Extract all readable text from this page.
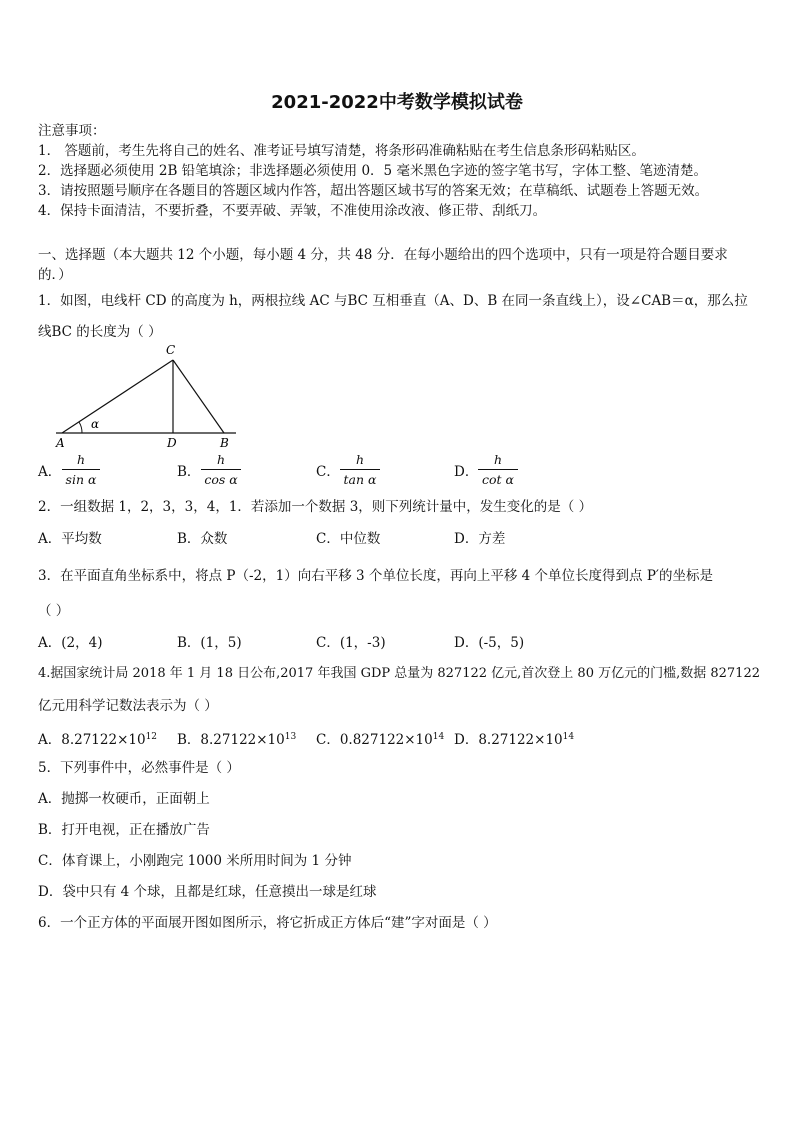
2021-2022中考数学模拟试卷
注意事项：
1． 答题前，考生先将自己的姓名、准考证号填写清楚，将条形码准确粘贴在考生信息条形码粘贴区。
2．选择题必须使用 2B 铅笔填涂；非选择题必须使用 0．5 毫米黑色字迹的签字笔书写，字体工整、笔迹清楚。
3．请按照题号顺序在各题目的答题区域内作答，超出答题区域书写的答案无效；在草稿纸、试题卷上答题无效。
4．保持卡面清洁，不要折叠，不要弄破、弄皱，不准使用涂改液、修正带、刮纸刀。
一、选择题（本大题共 12 个小题，每小题 4 分，共 48 分．在每小题给出的四个选项中，只有一项是符合题目要求
的．）
1．如图，电线杆 CD 的高度为 h，两根拉线 AC 与BC 互相垂直（A、D、B 在同一条直线上），设∠CAB＝α，那么拉
线BC 的长度为（ ）
C
A	D	B
α
A．
h
sin α	B．
h
cos α	C．
h
tan α	D．
h
cot α
2．一组数据 1，2，3，3，4，1．若添加一个数据 3，则下列统计量中，发生变化的是（ ）
A．平均数	B．众数	C．中位数	D．方差
3．在平面直角坐标系中，将点 P（-2，1）向右平移 3 个单位长度，再向上平移 4 个单位长度得到点 P′的坐标是
（ ）
A．(2，4)	B．(1，5)	C．(1，-3)	D．(-5，5)
4.据国家统计局 2018 年 1 月 18 日公布,2017 年我国 GDP 总量为 827122 亿元,首次登上 80 万亿元的门槛,数据 827122
亿元用科学记数法表示为（ ）
A．$8.27122\times 10^{12}$ B．$8.27122\times 10^{13}$ C．$0.827122\times 10^{14}$ D．$8.27122\times 10^{14}$
5．下列事件中，必然事件是（ ）
A．抛掷一枚硬币，正面朝上
B．打开电视，正在播放广告
C．体育课上，小刚跑完 1000 米所用时间为 1 分钟
D．袋中只有 4 个球，且都是红球，任意摸出一球是红球
6．一个正方体的平面展开图如图所示，将它折成正方体后“建”字对面是（ ）
